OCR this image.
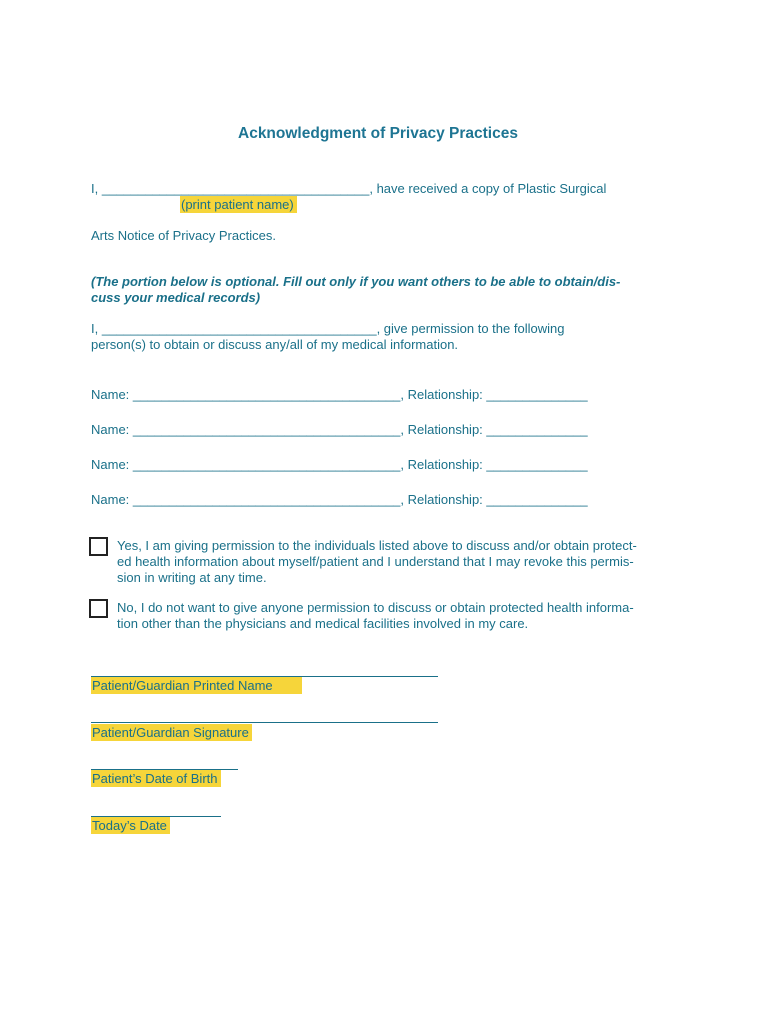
Acknowledgment of Privacy Practices
I, _____________________________________, have received a copy of Plastic Surgical
(print patient name)
Arts Notice of Privacy Practices.
(The portion below is optional. Fill out only if you want others to be able to obtain/dis-
cuss your medical records)
I, ______________________________________, give permission to the following
person(s) to obtain or discuss any/all of my medical information.
Name: _____________________________________, Relationship: ______________
Name: _____________________________________, Relationship: ______________
Name: _____________________________________, Relationship: ______________
Name: _____________________________________, Relationship: ______________
Yes, I am giving permission to the individuals listed above to discuss and/or obtain protect-
ed health information about myself/patient and I understand that I may revoke this permis-
sion in writing at any time.
No, I do not want to give anyone permission to discuss or obtain protected health informa-
tion other than the physicians and medical facilities involved in my care.
Patient/Guardian Printed Name
Patient/Guardian Signature
Patient’s Date of Birth
Today’s Date
